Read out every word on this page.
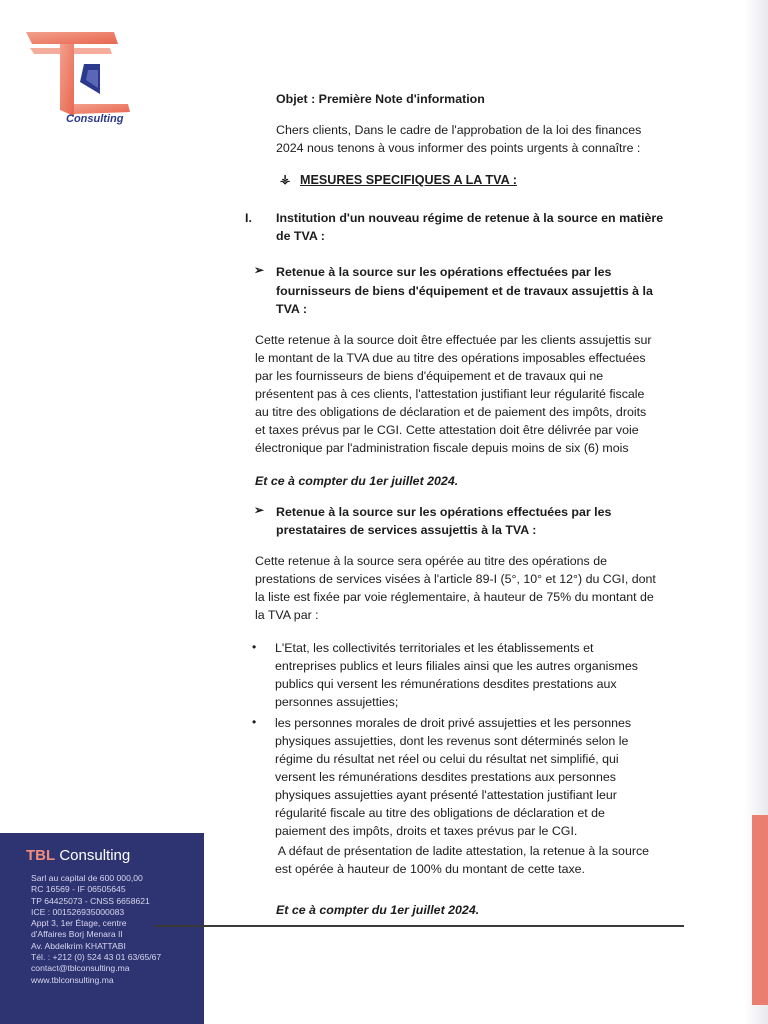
Consulting
Objet : Première Note d'information
Chers clients, Dans le cadre de l'approbation de la loi des finances
2024 nous tenons à vous informer des points urgents à connaître :
⚶ MESURES SPECIFIQUES A LA TVA :
I. Institution d'un nouveau régime de retenue à la source en matière
de TVA :
➢ Retenue à la source sur les opérations effectuées par les
fournisseurs de biens d'équipement et de travaux assujettis à la
TVA :
Cette retenue à la source doit être effectuée par les clients assujettis sur
le montant de la TVA due au titre des opérations imposables effectuées
par les fournisseurs de biens d'équipement et de travaux qui ne
présentent pas à ces clients, l'attestation justifiant leur régularité fiscale
au titre des obligations de déclaration et de paiement des impôts, droits
et taxes prévus par le CGI. Cette attestation doit être délivrée par voie
électronique par l'administration fiscale depuis moins de six (6) mois
Et ce à compter du 1er juillet 2024.
➢ Retenue à la source sur les opérations effectuées par les
prestataires de services assujettis à la TVA :
Cette retenue à la source sera opérée au titre des opérations de
prestations de services visées à l'article 89-I (5°, 10° et 12°) du CGI, dont
la liste est fixée par voie réglementaire, à hauteur de 75% du montant de
la TVA par :
• L'Etat, les collectivités territoriales et les établissements et
entreprises publics et leurs filiales ainsi que les autres organismes
publics qui versent les rémunérations desdites prestations aux
personnes assujetties;
• les personnes morales de droit privé assujetties et les personnes
physiques assujetties, dont les revenus sont déterminés selon le
régime du résultat net réel ou celui du résultat net simplifié, qui
versent les rémunérations desdites prestations aux personnes
physiques assujetties ayant présenté l'attestation justifiant leur
régularité fiscale au titre des obligations de déclaration et de
paiement des impôts, droits et taxes prévus par le CGI.
A défaut de présentation de ladite attestation, la retenue à la source
est opérée à hauteur de 100% du montant de cette taxe.
Et ce à compter du 1er juillet 2024.
TBL Consulting
Sarl au capital de 600 000,00
RC 16569 - IF 06505645
TP 64425073 - CNSS 6658621
ICE : 001526935000083
Appt 3, 1er Étage, centre
d'Affaires Borj Menara II
Av. Abdelkrim KHATTABI
Tél. : +212 (0) 524 43 01 63/65/67
contact@tblconsulting.ma
www.tblconsulting.ma
